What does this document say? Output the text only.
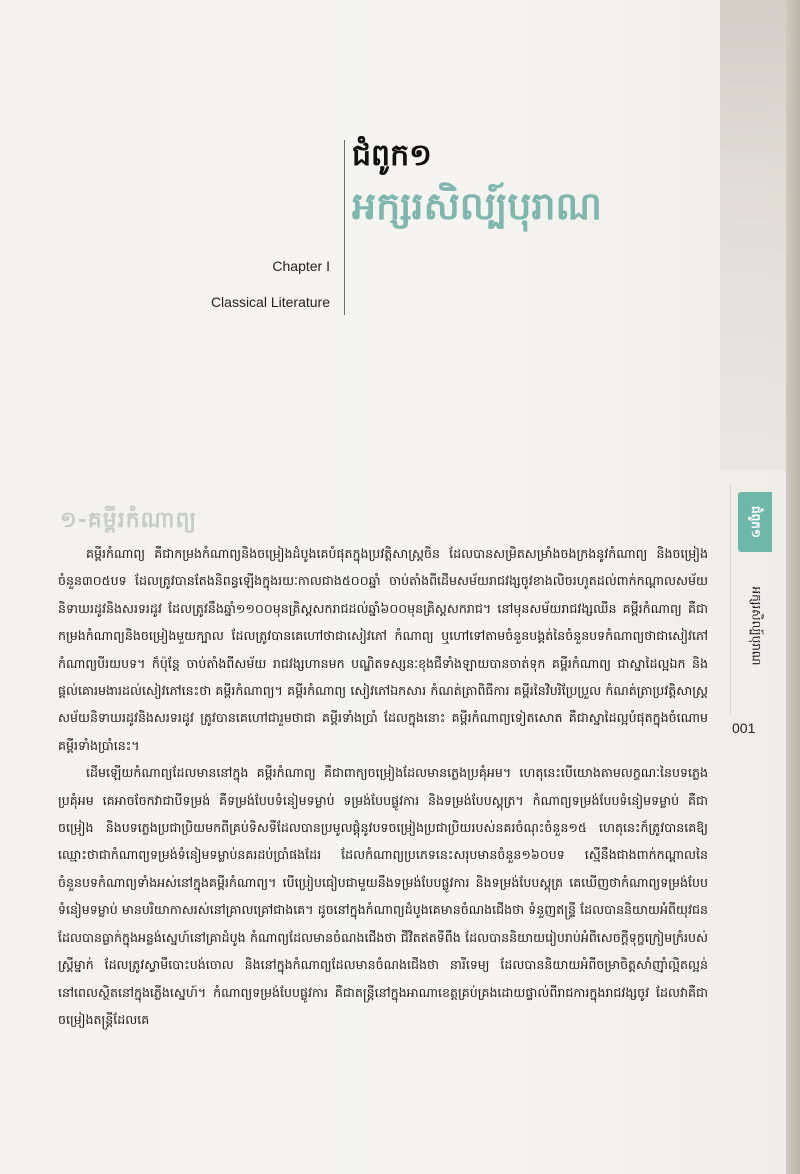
ជំពូក១
អក្សរសិល្ប៍បុរាណ
Chapter I
Classical Literature
១-គម្ពីរកំណាព្យ

គម្ពីរកំណាព្យ គឺជាកម្រងកំណាព្យនិងចម្រៀងដំបូងគេបំផុតក្នុងប្រវត្តិសាស្ត្រចិន ដែលបានសម្រិតសម្រាំងចងក្រងនូវកំណាព្យ និងចម្រៀងចំនួន៣០៥បទ ដែលត្រូវបានតែងនិពន្ធឡើងក្នុងរយៈកាលជាង៥០០ឆ្នាំ ចាប់តាំងពីដើមសម័យរាជវង្សចូវខាងលិចរហូតដល់ពាក់កណ្តាលសម័យនិទាឃរដូវនិងសរទរដូវ ដែលត្រូវនឹងឆ្នាំ១១០០មុនគ្រិស្តសករាជដល់ឆ្នាំ៦០០មុនគ្រិស្តសករាជ។ នៅមុនសម័យរាជវង្សឈីន គម្ពីរកំណាព្យ គឺជាកម្រងកំណាព្យនិងចម្រៀងមួយក្បាល ដែលត្រូវបានគេហៅថាជាសៀវភៅ កំណាព្យ ឬហៅទៅតាមចំនួនបង្គត់នៃចំនួនបទកំណាព្យថាជាសៀវភៅ កំណាព្យបីរយបទ។ ក៏ប៉ុន្តែ ចាប់តាំងពីសម័យ រាជវង្សហានមក បណ្ឌិតទស្សនៈខុងជឺទាំងឡាយបានចាត់ទុក គម្ពីរកំណាព្យ ជាស្នាដៃល្អឯក និងផ្តល់គោរមងារដល់សៀវភៅនេះថា គម្ពីរកំណាព្យ។ គម្ពីរកំណាព្យ សៀវភៅឯកសារ កំណត់ត្រាពិធីការ គម្ពីរនៃវិបរិប្រែប្រួល កំណត់ត្រាប្រវត្តិសាស្ត្រសម័យនិទាឃរដូវនិងសរទរដូវ ត្រូវបានគេហៅជារួមថាជា គម្ពីរទាំងប្រាំ ដែលក្នុងនោះ គម្ពីរកំណាព្យទៀតសោត គឺជាស្នាដៃល្អបំផុតក្នុងចំណោមគម្ពីរទាំងប្រាំនេះ។

ដើមឡើយកំណាព្យដែលមាននៅក្នុង គម្ពីរកំណាព្យ គឺជាពាក្យចម្រៀងដែលមានភ្លេងប្រគុំអម។ ហេតុនេះបើយោងតាមលក្ខណៈនៃបទភ្លេងប្រគុំអម គេអាចចែកវាជាបីទម្រង់ គឺទម្រង់បែបទំនៀមទម្លាប់ ទម្រង់បែបផ្លូវការ និងទម្រង់បែបស្តុត្រ។ កំណាព្យទម្រង់បែបទំនៀមទម្លាប់ គឺជាចម្រៀង និងបទភ្លេងប្រជាប្រិយមកពីគ្រប់ទិសទីដែលបានប្រមូលផ្តុំនូវបទចម្រៀងប្រជាប្រិយរបស់នគរចំណុះចំនួន១៥ ហេតុនេះក៏ត្រូវបានគេឱ្យឈ្មោះថាជាកំណាព្យទម្រង់ទំនៀមទម្លាប់នគរដប់ប្រាំផងដែរ ដែលកំណាព្យប្រភេទនេះសរុបមានចំនួន១៦០បទ ស្មើនឹងជាងពាក់កណ្តាលនៃចំនួនបទកំណាព្យទាំងអស់នៅក្នុងគម្ពីរកំណាព្យ។ បើប្រៀបធៀបជាមួយនឹងទម្រង់បែបផ្លូវការ និងទម្រង់បែបស្តុត្រ គេឃើញថាកំណាព្យទម្រង់បែបទំនៀមទម្លាប់ មានបរិយាកាសរស់នៅគ្រាលគ្រៅជាងគេ។ ដូចនៅក្នុងកំណាព្យដំបូងគេមានចំណងជើងថា ទំនួញឥន្ទ្រី ដែលបាននិយាយអំពីយុវជនដែលបានធ្លាក់ក្នុងអន្លង់ស្នេហ៍នៅគ្រាដំបូង កំណាព្យដែលមានចំណងជើងថា ជីវិតឥតទីពឹង ដែលបាននិយាយរៀបរាប់អំពីសេចក្តីទុក្ខក្រៀមក្រំរបស់ស្ត្រីម្នាក់ ដែលត្រូវស្វាមីបោះបង់ចោល និងនៅក្នុងកំណាព្យដែលមានចំណងជើងថា នារីទេម្យ ដែលបាននិយាយអំពីចម្រាចិត្តសាំញ៉ាំល្អិតល្អន់នៅពេលស្ថិតនៅក្នុងភ្លើងស្នេហ៍។ កំណាព្យទម្រង់បែបផ្លូវការ គឺជាតន្ត្រីនៅក្នុងអាណាខេត្តគ្រប់គ្រងដោយផ្ទាល់ពីរាជការក្នុងរាជវង្សចូវ ដែលវាគឺជាចម្រៀងតន្ត្រីដែលគេ

ជំពូក១
អក្សរសិល្ប៍បុរាណ
001
